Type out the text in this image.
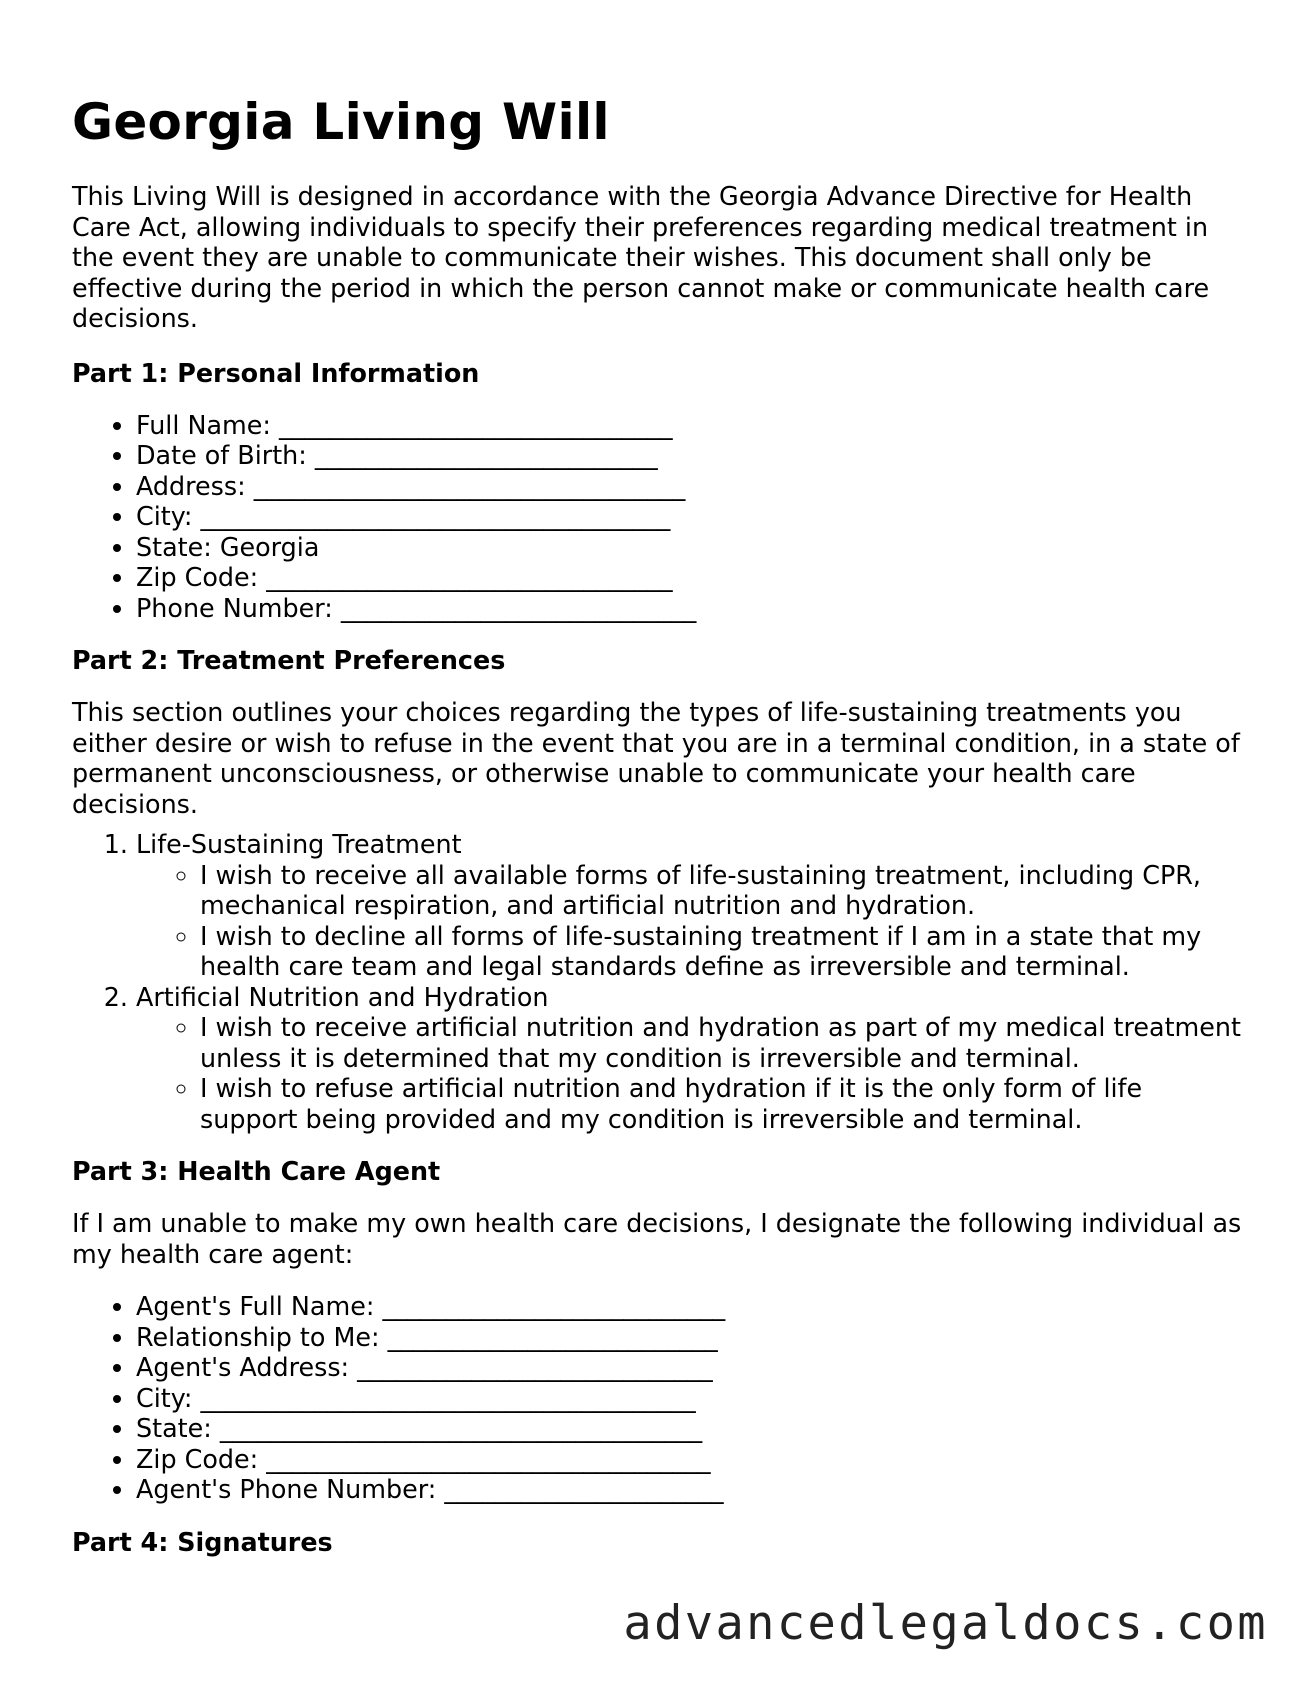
Georgia Living Will

This Living Will is designed in accordance with the Georgia Advance Directive for Health Care Act, allowing individuals to specify their preferences regarding medical treatment in the event they are unable to communicate their wishes. This document shall only be effective during the period in which the person cannot make or communicate health care decisions.

Part 1: Personal Information
• Full Name: _______________________________
• Date of Birth: ___________________________
• Address: __________________________________
• City: _____________________________________
• State: Georgia
• Zip Code: ________________________________
• Phone Number: ____________________________
Part 2: Treatment Preferences

This section outlines your choices regarding the types of life-sustaining treatments you either desire or wish to refuse in the event that you are in a terminal condition, in a state of permanent unconsciousness, or otherwise unable to communicate your health care decisions.

1. Life-Sustaining Treatment
◦ I wish to receive all available forms of life-sustaining treatment, including CPR, mechanical respiration, and artificial nutrition and hydration.
◦ I wish to decline all forms of life-sustaining treatment if I am in a state that my health care team and legal standards define as irreversible and terminal.
2. Artificial Nutrition and Hydration
◦ I wish to receive artificial nutrition and hydration as part of my medical treatment unless it is determined that my condition is irreversible and terminal.
◦ I wish to refuse artificial nutrition and hydration if it is the only form of life support being provided and my condition is irreversible and terminal.
Part 3: Health Care Agent

If I am unable to make my own health care decisions, I designate the following individual as my health care agent:

• Agent's Full Name: ___________________________
• Relationship to Me: __________________________
• Agent's Address: ____________________________
• City: _______________________________________
• State: ______________________________________
• Zip Code: ___________________________________
• Agent's Phone Number: ______________________
Part 4: Signatures
advancedlegaldocs.com
